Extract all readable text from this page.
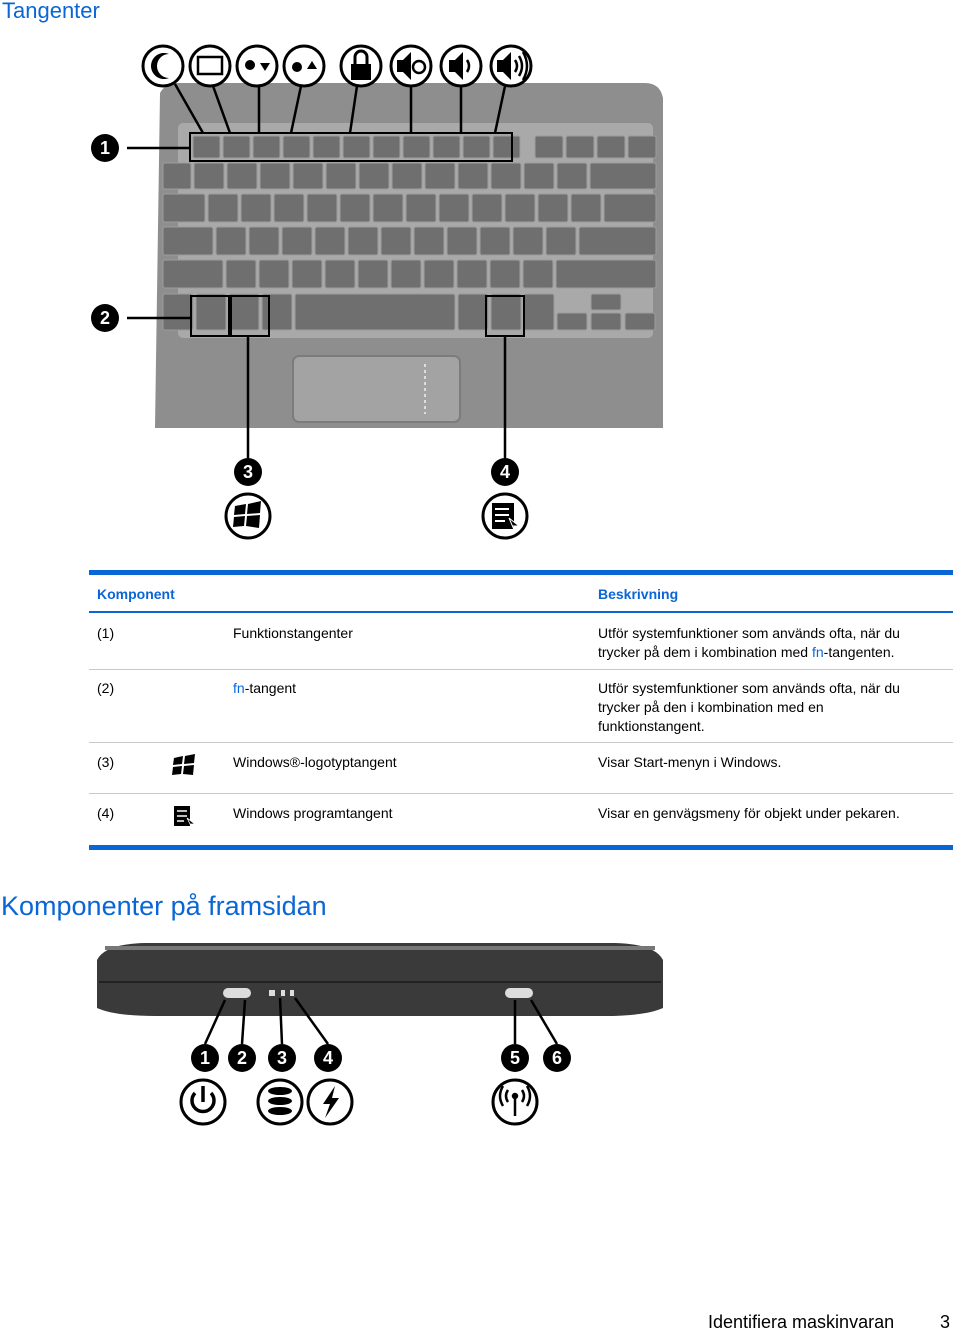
Tangenter
1
2
3	4
Komponent	Beskrivning
(1)	Funktionstangenter	Utför systemfunktioner som används ofta, när du
trycker på dem i kombination med fn-tangenten.
(2)	fn-tangent	Utför systemfunktioner som används ofta, när du
trycker på den i kombination med en
funktionstangent.
(3)	Windows®-logotyptangent	Visar Start-menyn i Windows.
(4)	Windows programtangent	Visar en genvägsmeny för objekt under pekaren.
Komponenter på framsidan
1 2 3 4	5 6
Identifiera maskinvaran	3
